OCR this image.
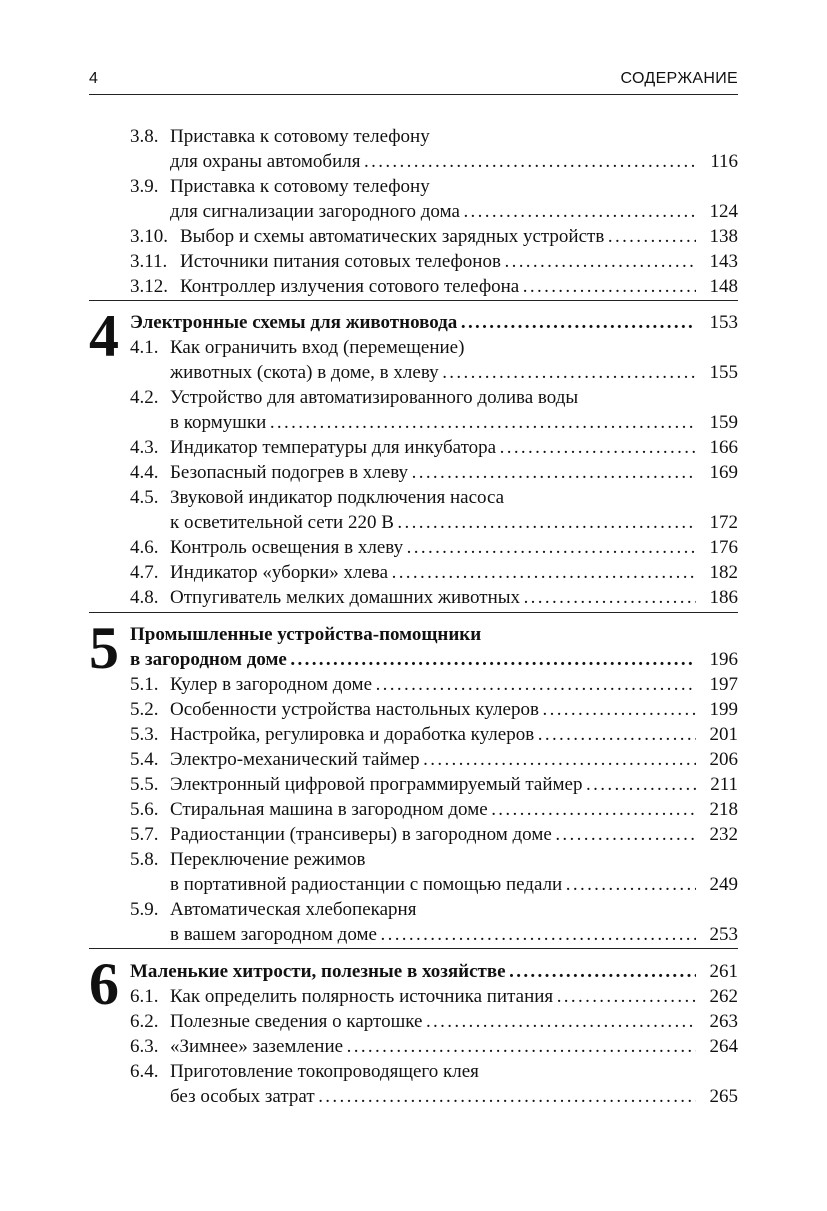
4	СОДЕРЖАНИЕ
3.8. Приставка к сотовому телефону
для охраны автомобиля . . .	116
3.9. Приставка к сотовому телефону
для сигнализации загородного дома . . .	124
3.10. Выбор и схемы автоматических зарядных устройств . . .	138
3.11. Источники питания сотовых телефонов . . .	143
3.12. Контроллер излучения сотового телефона . . .	148
4 Электронные схемы для животновода . . .	153
4.1. Как ограничить вход (перемещение)
животных (скота) в доме, в хлеву . . .	155
4.2. Устройство для автоматизированного долива воды
в кормушки . . .	159
4.3. Индикатор температуры для инкубатора . . .	166
4.4. Безопасный подогрев в хлеву . . .	169
4.5. Звуковой индикатор подключения насоса
к осветительной сети 220 В . . .	172
4.6. Контроль освещения в хлеву . . .	176
4.7. Индикатор «уборки» хлева . . .	182
4.8. Отпугиватель мелких домашних животных . . .	186
5 Промышленные устройства-помощники
в загородном доме . . .	196
5.1. Кулер в загородном доме . . .	197
5.2. Особенности устройства настольных кулеров . . .	199
5.3. Настройка, регулировка и доработка кулеров . . .	201
5.4. Электро-механический таймер . . .	206
5.5. Электронный цифровой программируемый таймер . . .	211
5.6. Стиральная машина в загородном доме . . .	218
5.7. Радиостанции (трансиверы) в загородном доме . . .	232
5.8. Переключение режимов
в портативной радиостанции с помощью педали . . .	249
5.9. Автоматическая хлебопекарня
в вашем загородном доме . . .	253
6 Маленькие хитрости, полезные в хозяйстве . . .	261
6.1. Как определить полярность источника питания . . .	262
6.2. Полезные сведения о картошке . . .	263
6.3. «Зимнее» заземление . . .	264
6.4. Приготовление токопроводящего клея
без особых затрат . . .	265
